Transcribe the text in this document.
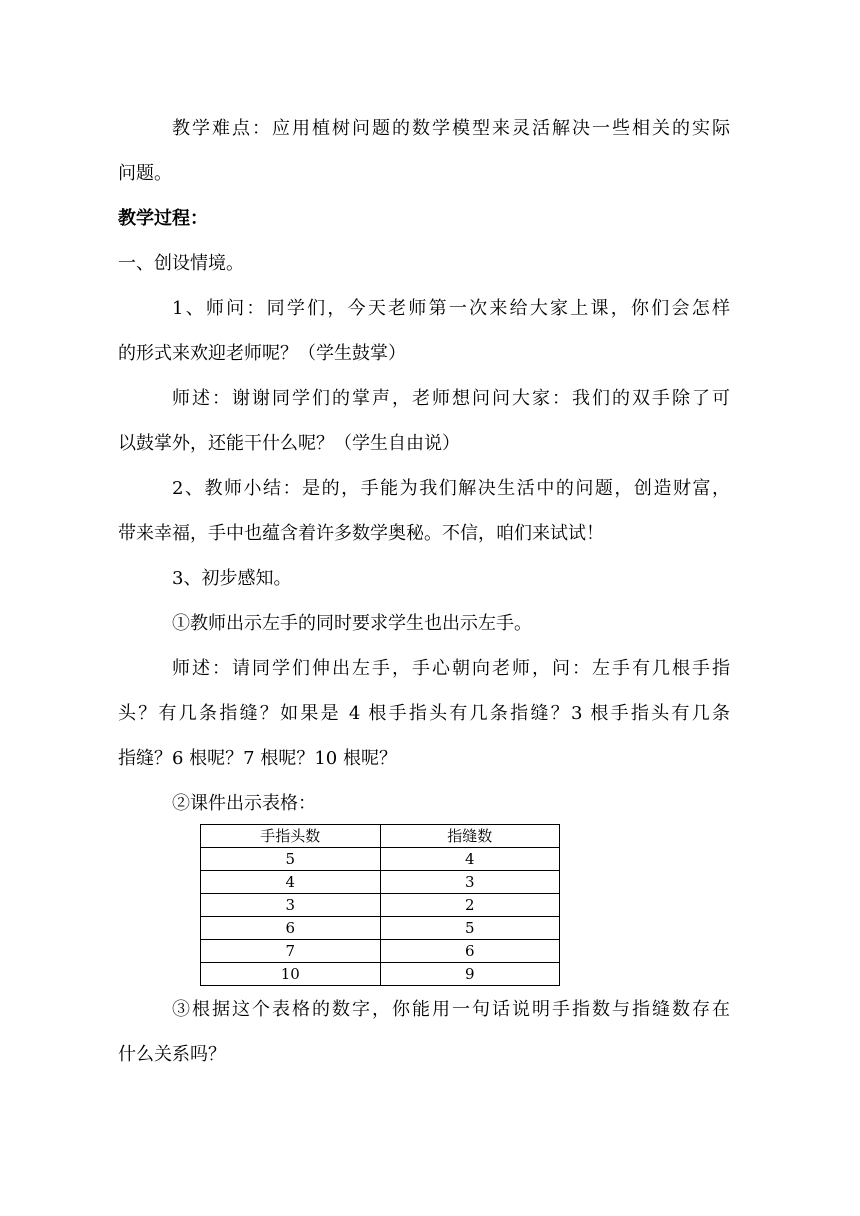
教学难点：应用植树问题的数学模型来灵活解决一些相关的实际
问题。
教学过程：
一、创设情境。
1、师问：同学们，今天老师第一次来给大家上课，你们会怎样
的形式来欢迎老师呢？（学生鼓掌）
师述：谢谢同学们的掌声，老师想问问大家：我们的双手除了可
以鼓掌外，还能干什么呢？（学生自由说）
2、教师小结：是的，手能为我们解决生活中的问题，创造财富，
带来幸福，手中也蕴含着许多数学奥秘。不信，咱们来试试！
3、初步感知。
①教师出示左手的同时要求学生也出示左手。
师述：请同学们伸出左手，手心朝向老师，问：左手有几根手指
头？有几条指缝？如果是 4 根手指头有几条指缝？3 根手指头有几条
指缝？6 根呢？7 根呢？10 根呢？
②课件出示表格：
手指头数	指缝数
5	4
4	3
3	2
6	5
7	6
10	9
③根据这个表格的数字，你能用一句话说明手指数与指缝数存在
什么关系吗？
